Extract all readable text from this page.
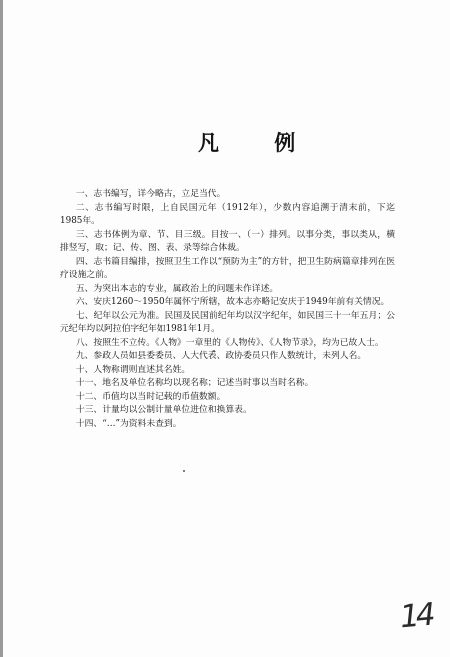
凡 例

一、志书编写，详今略古，立足当代。

二、志书编写时限，上自民国元年（1912年），少数内容追溯于清末前，下迄1985年。

三、志书体例为章、节、目三级。目按一、（一）排列。以事分类，事以类从，横排竖写，取；记、传、图、表、录等综合体裁。

四、志书篇目编排，按照卫生工作以“预防为主”的方针，把卫生防病篇章排列在医疗设施之前。

五、为突出本志的专业，属政治上的问题未作详述。

六、安庆1260～1950年属怀宁所辖，故本志亦略记安庆于1949年前有关情况。

七、纪年以公元为准。民国及民国前纪年均以汉字纪年，如民国三十一年五月；公元纪年均以阿拉伯字纪年如1981年1月。

八、按照生不立传。《人物》一章里的《人物传》、《人物节录》，均为已故人士。

九、参政人员如县委委员、人大代表、政协委员只作人数统计，未列人名。

十、人物称谓则直述其名姓。

十一、地名及单位名称均以现名称；记述当时事以当时名称。

十二、币值均以当时记载的币值数额。

十三、计量均以公制计量单位进位和换算表。

十四、“…”为资料未查到。

14
